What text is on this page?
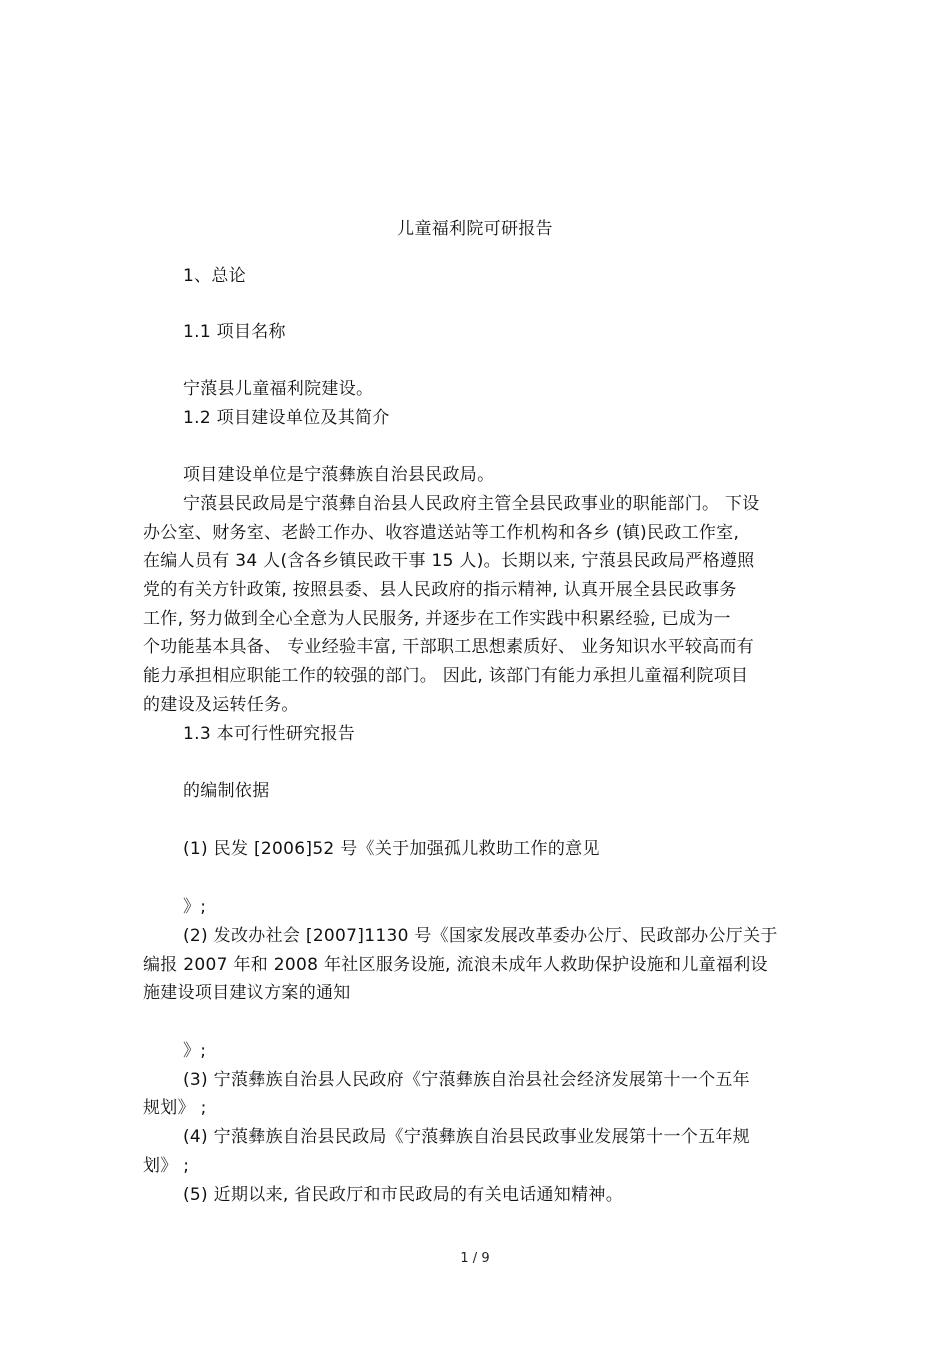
儿童福利院可研报告
1、总论
1.1 项目名称
宁蒗县儿童福利院建设。
1.2 项目建设单位及其简介
项目建设单位是宁蒗彝族自治县民政局。
宁蒗县民政局是宁蒗彝自治县人民政府主管全县民政事业的职能部门。 下设
办公室、财务室、老龄工作办、收容遣送站等工作机构和各乡 (镇)民政工作室,
在编人员有 34 人(含各乡镇民政干事 15 人)。长期以来, 宁蒗县民政局严格遵照
党的有关方针政策, 按照县委、县人民政府的指示精神, 认真开展全县民政事务
工作, 努力做到全心全意为人民服务, 并逐步在工作实践中积累经验, 已成为一
个功能基本具备、 专业经验丰富, 干部职工思想素质好、 业务知识水平较高而有
能力承担相应职能工作的较强的部门。 因此, 该部门有能力承担儿童福利院项目
的建设及运转任务。
1.3 本可行性研究报告
的编制依据
(1) 民发 [2006]52 号《关于加强孤儿救助工作的意见
》;
(2) 发改办社会 [2007]1130 号《国家发展改革委办公厅、民政部办公厅关于
编报 2007 年和 2008 年社区服务设施, 流浪未成年人救助保护设施和儿童福利设
施建设项目建议方案的通知
》;
(3) 宁蒗彝族自治县人民政府《宁蒗彝族自治县社会经济发展第十一个五年
规划》 ;
(4) 宁蒗彝族自治县民政局《宁蒗彝族自治县民政事业发展第十一个五年规
划》 ;
(5) 近期以来, 省民政厅和市民政局的有关电话通知精神。
1 / 9
